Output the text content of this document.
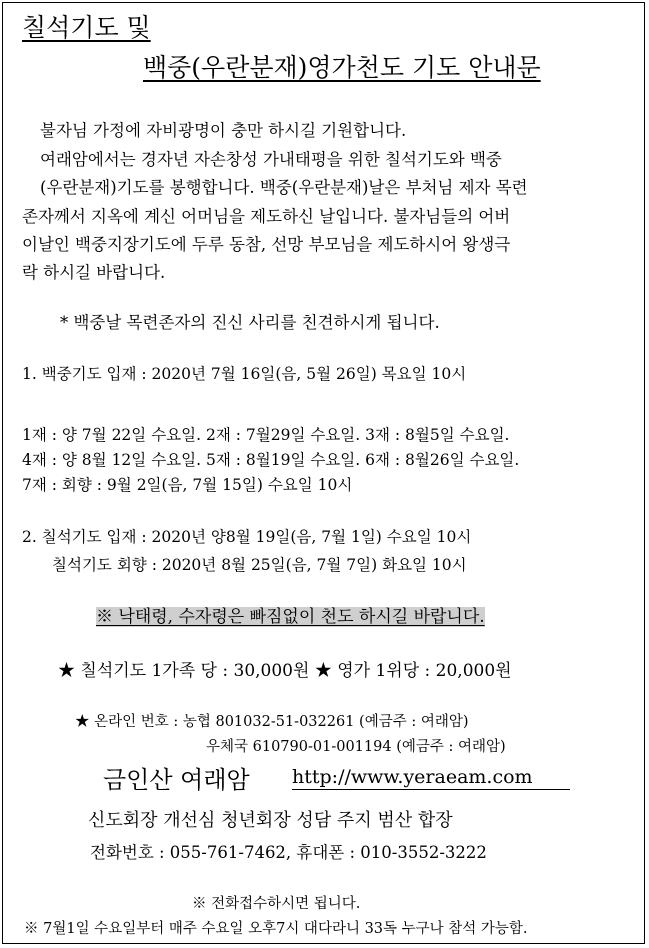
칠석기도 및
백중(우란분재)영가천도 기도 안내문
불자님 가정에 자비광명이 충만 하시길 기원합니다.
여래암에서는 경자년 자손창성 가내태평을 위한 칠석기도와 백중
(우란분재)기도를 봉행합니다. 백중(우란분재)날은 부처님 제자 목련
존자께서 지옥에 계신 어머님을 제도하신 날입니다. 불자님들의 어버
이날인 백중지장기도에 두루 동참, 선망 부모님을 제도하시어 왕생극
락 하시길 바랍니다.
* 백중날 목련존자의 진신 사리를 친견하시게 됩니다.
1. 백중기도 입재 : 2020년 7월 16일(음, 5월 26일) 목요일 10시
1재 : 양 7월 22일 수요일. 2재 : 7월29일 수요일. 3재 : 8월5일 수요일.
4재 : 양 8월 12일 수요일. 5재 : 8월19일 수요일. 6재 : 8월26일 수요일.
7재 : 회향 : 9월 2일(음, 7월 15일) 수요일 10시
2. 칠석기도 입재 : 2020년 양8월 19일(음, 7월 1일) 수요일 10시
칠석기도 회향 : 2020년 8월 25일(음, 7월 7일) 화요일 10시
※ 낙태령, 수자령은 빠짐없이 천도 하시길 바랍니다.
★ 칠석기도 1가족 당 : 30,000원 ★ 영가 1위당 : 20,000원
★ 온라인 번호 : 농협 801032-51-032261 (예금주 : 여래암)
우체국 610790-01-001194 (예금주 : 여래암)
금인산 여래암 http://www.yeraeam.com
신도회장 개선심 청년회장 성담 주지 범산 합장
전화번호 : 055-761-7462, 휴대폰 : 010-3552-3222
※ 전화접수하시면 됩니다.
※ 7월1일 수요일부터 매주 수요일 오후7시 대다라니 33독 누구나 참석 가능함.
